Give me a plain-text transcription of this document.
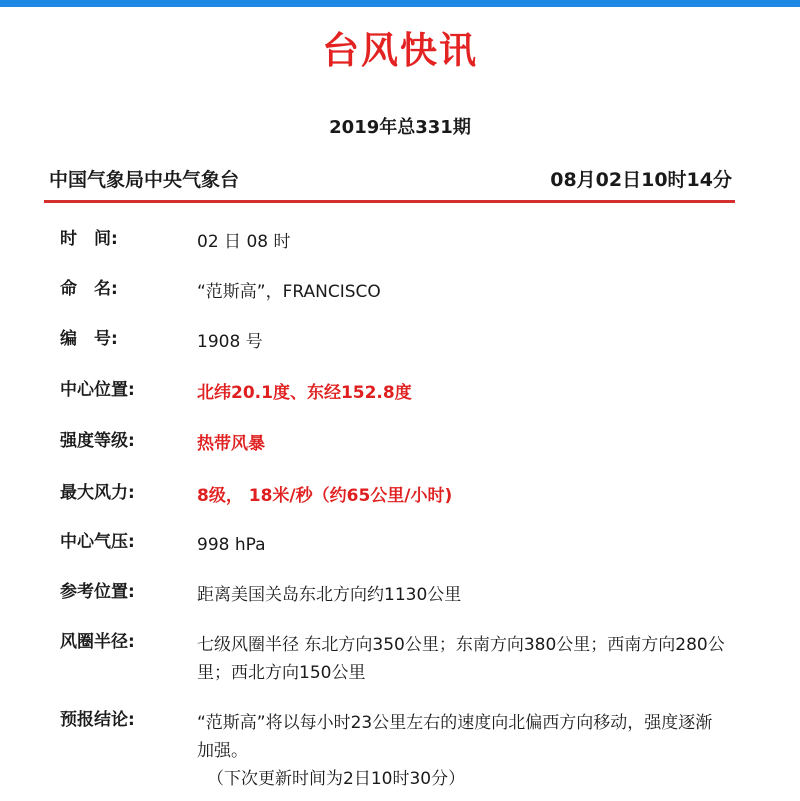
台风快讯
2019年总331期
中国气象局中央气象台	08月02日10时14分
时　间:	02 日 08 时
命　名:	“范斯高”，FRANCISCO
编　号:	1908 号
中心位置:	北纬20.1度、东经152.8度
强度等级:	热带风暴
最大风力:	8级， 18米/秒（约65公里/小时)
中心气压:	998 hPa
参考位置:	距离美国关岛东北方向约1130公里
风圈半径:	七级风圈半径 东北方向350公里；东南方向380公里；西南方向280公里；西北方向150公里
预报结论:	“范斯高”将以每小时23公里左右的速度向北偏西方向移动，强度逐渐加强。
（下次更新时间为2日10时30分）
